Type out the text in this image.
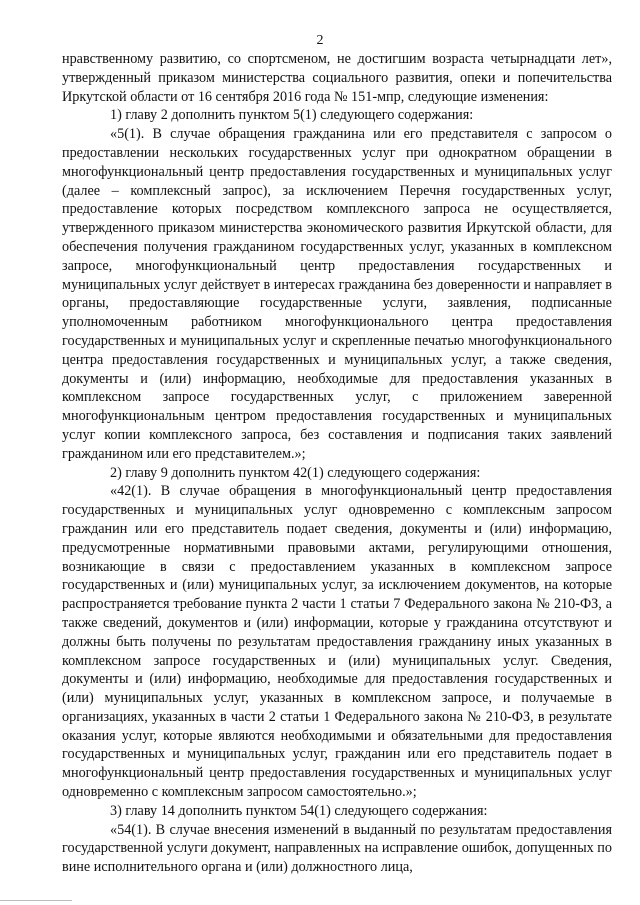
2

нравственному развитию, со спортсменом, не достигшим возраста четырнадцати лет», утвержденный приказом министерства социального развития, опеки и попечительства Иркутской области от 16 сентября 2016 года № 151-мпр, следующие изменения:

1) главу 2 дополнить пунктом 5(1) следующего содержания:

«5(1). В случае обращения гражданина или его представителя с запросом о предоставлении нескольких государственных услуг при однократном обращении в многофункциональный центр предоставления государственных и муниципальных услуг (далее – комплексный запрос), за исключением Перечня государственных услуг, предоставление которых посредством комплексного запроса не осуществляется, утвержденного приказом министерства экономического развития Иркутской области, для обеспечения получения гражданином государственных услуг, указанных в комплексном запросе, многофункциональный центр предоставления государственных и муниципальных услуг действует в интересах гражданина без доверенности и направляет в органы, предоставляющие государственные услуги, заявления, подписанные уполномоченным работником многофункционального центра предоставления государственных и муниципальных услуг и скрепленные печатью многофункционального центра предоставления государственных и муниципальных услуг, а также сведения, документы и (или) информацию, необходимые для предоставления указанных в комплексном запросе государственных услуг, с приложением заверенной многофункциональным центром предоставления государственных и муниципальных услуг копии комплексного запроса, без составления и подписания таких заявлений гражданином или его представителем.»;

2) главу 9 дополнить пунктом 42(1) следующего содержания:

«42(1). В случае обращения в многофункциональный центр предоставления государственных и муниципальных услуг одновременно с комплексным запросом гражданин или его представитель подает сведения, документы и (или) информацию, предусмотренные нормативными правовыми актами, регулирующими отношения, возникающие в связи с предоставлением указанных в комплексном запросе государственных и (или) муниципальных услуг, за исключением документов, на которые распространяется требование пункта 2 части 1 статьи 7 Федерального закона № 210-ФЗ, а также сведений, документов и (или) информации, которые у гражданина отсутствуют и должны быть получены по результатам предоставления гражданину иных указанных в комплексном запросе государственных и (или) муниципальных услуг. Сведения, документы и (или) информацию, необходимые для предоставления государственных и (или) муниципальных услуг, указанных в комплексном запросе, и получаемые в организациях, указанных в части 2 статьи 1 Федерального закона № 210-ФЗ, в результате оказания услуг, которые являются необходимыми и обязательными для предоставления государственных и муниципальных услуг, гражданин или его представитель подает в многофункциональный центр предоставления государственных и муниципальных услуг одновременно с комплексным запросом самостоятельно.»;

3) главу 14 дополнить пунктом 54(1) следующего содержания:

«54(1). В случае внесения изменений в выданный по результатам предоставления государственной услуги документ, направленных на исправление ошибок, допущенных по вине исполнительного органа и (или) должностного лица,
